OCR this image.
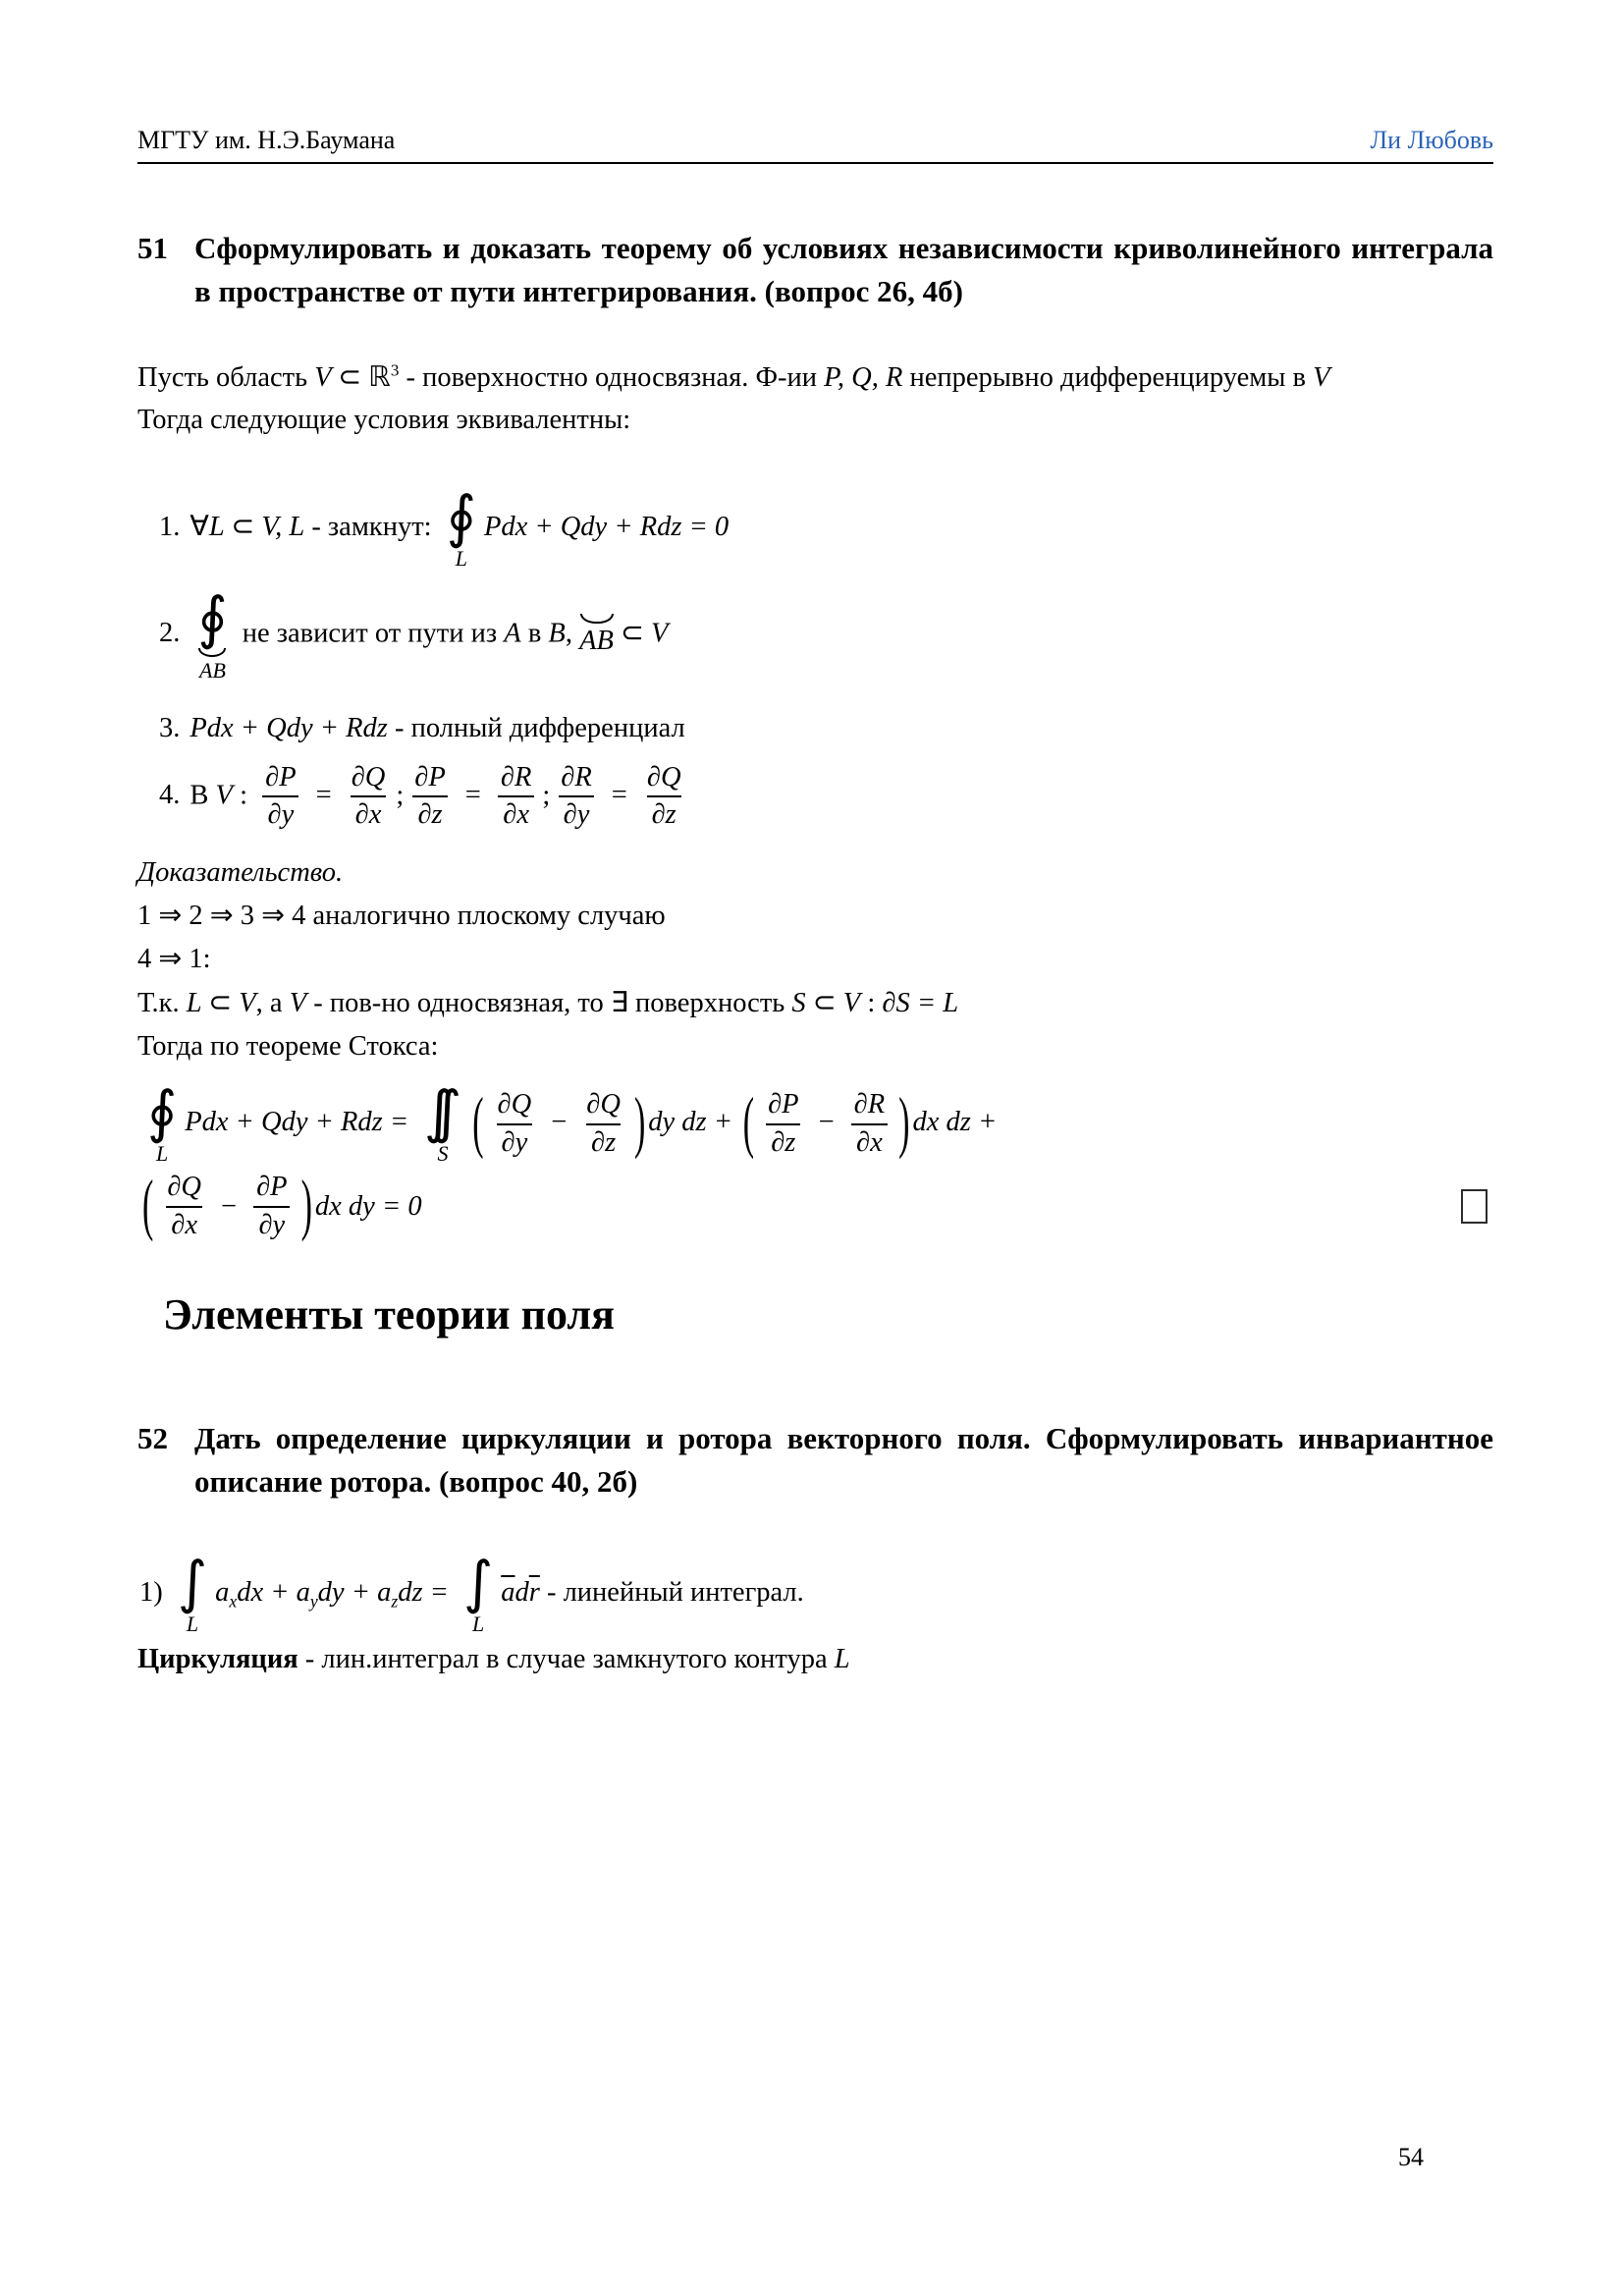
МГТУ им. Н.Э.Баумана	Ли Любовь
51 Сформулировать и доказать теорему об условиях независимости криволинейного интеграла в пространстве от пути интегрирования. (вопрос 26, 4б)
Пусть область V ⊂ ℝ$^3$ - поверхностно односвязная. Ф-ии P, Q, R непрерывно дифференцируемы в V
Тогда следующие условия эквивалентны:
1. ∀L ⊂ V, L - замкнут: ∮
L
Pdx + Qdy + Rdz = 0
2. ∮
AB
не зависит от пути из A в B, AB ⊂ V
3. Pdx + Qdy + Rdz - полный дифференциал
4. В V : $\frac{\partial P}{\partial y} = \frac{\partial Q}{\partial x}$ ; $\frac{\partial P}{\partial z} = \frac{\partial R}{\partial x}$ ; $\frac{\partial R}{\partial y} = \frac{\partial Q}{\partial z}$
Доказательство.
1 ⇒ 2 ⇒ 3 ⇒ 4 аналогично плоскому случаю
4 ⇒ 1:
Т.к. L ⊂ V, а V - пов-но односвязная, то ∃ поверхность S ⊂ V : ∂S = L
Тогда по теореме Стокса:
∮
L
Pdx + Qdy + Rdz = ∫∫
S ( $\frac{\partial Q}{\partial y} - \frac{\partial Q}{\partial z}$ ) dy dz + ( $\frac{\partial P}{\partial z} - \frac{\partial R}{\partial x}$ ) dx dz +
( $\frac{\partial Q}{\partial x} - \frac{\partial P}{\partial y}$ ) dx dy = 0
Элементы теории поля
52 Дать определение циркуляции и ротора векторного поля. Сформулировать инвариантное описание ротора. (вопрос 40, 2б)
1) ∫
L
$a_xdx + a_ydy + a_zdz$ = ∫
L
$\overline{a}d\overline{r}$ - линейный интеграл.
Циркуляция - лин.интеграл в случае замкнутого контура L
54
